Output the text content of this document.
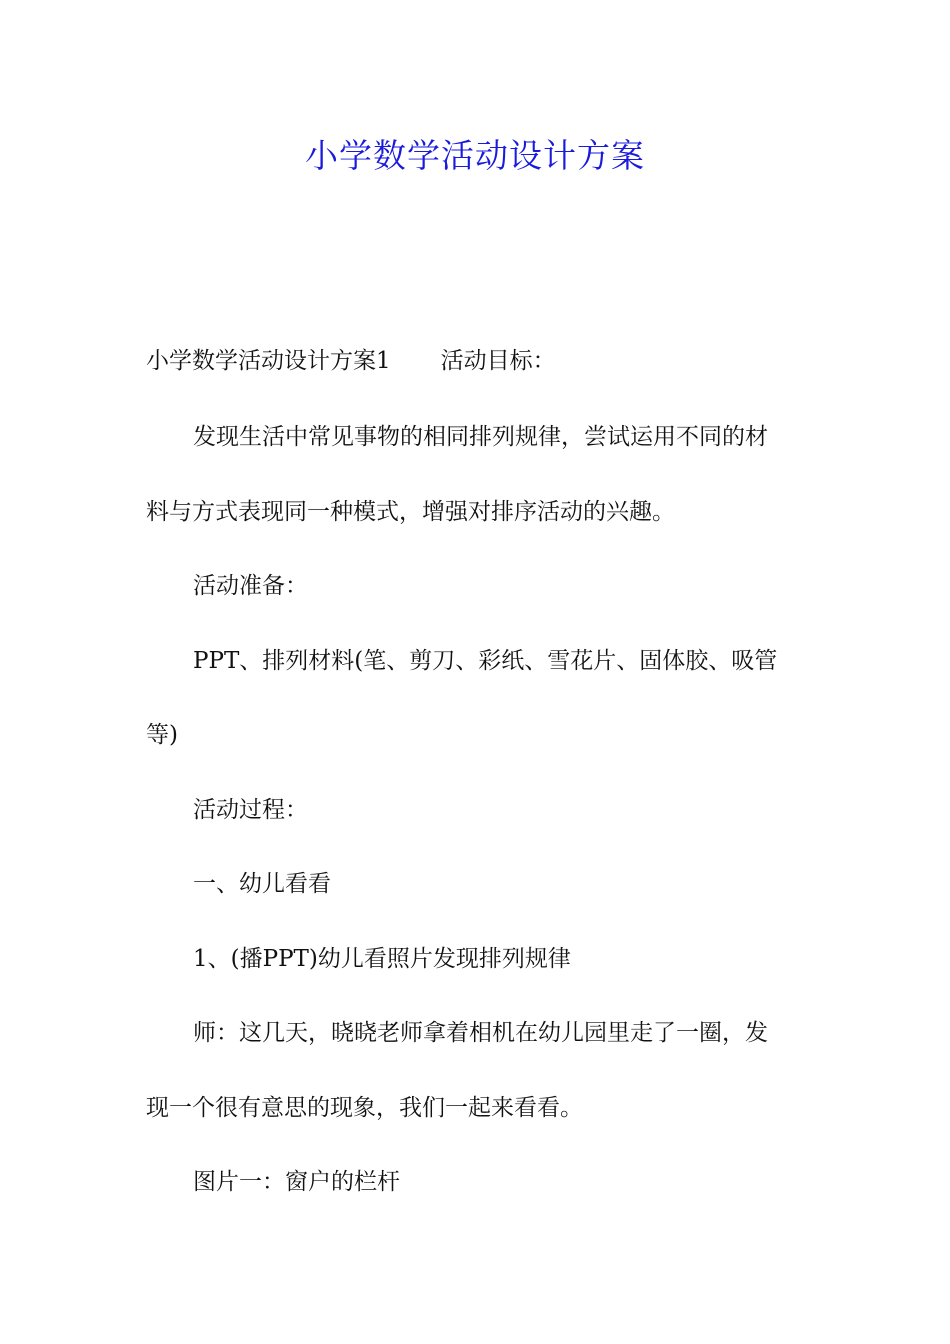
小学数学活动设计方案
小学数学活动设计方案1 活动目标：
发现生活中常见事物的相同排列规律，尝试运用不同的材
料与方式表现同一种模式，增强对排序活动的兴趣。
活动准备：
PPT、排列材料(笔、剪刀、彩纸、雪花片、固体胶、吸管
等)
活动过程：
一、幼儿看看
1、(播PPT)幼儿看照片发现排列规律
师：这几天，晓晓老师拿着相机在幼儿园里走了一圈，发
现一个很有意思的现象，我们一起来看看。
图片一：窗户的栏杆
